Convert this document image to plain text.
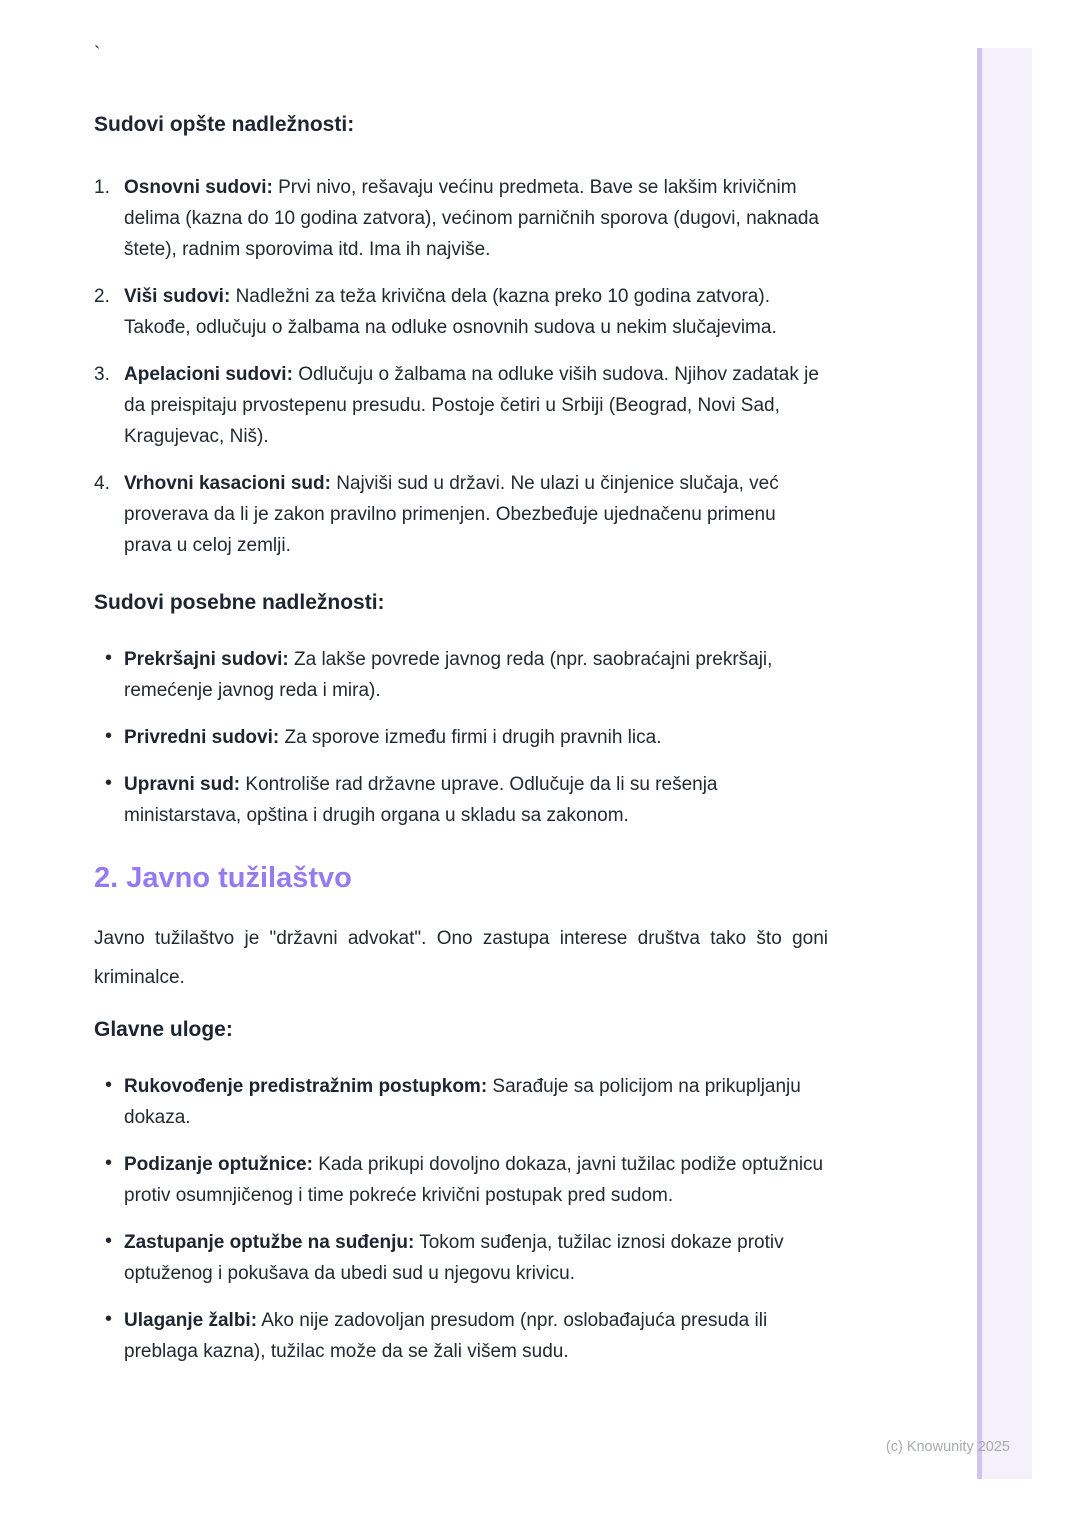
`
Sudovi opšte nadležnosti:
1. Osnovni sudovi: Prvi nivo, rešavaju većinu predmeta. Bave se lakšim krivičnim delima (kazna do 10 godina zatvora), većinom parničnih sporova (dugovi, naknada štete), radnim sporovima itd. Ima ih najviše.
2. Viši sudovi: Nadležni za teža krivična dela (kazna preko 10 godina zatvora). Takođe, odlučuju o žalbama na odluke osnovnih sudova u nekim slučajevima.
3. Apelacioni sudovi: Odlučuju o žalbama na odluke viših sudova. Njihov zadatak je da preispitaju prvostepenu presudu. Postoje četiri u Srbiji (Beograd, Novi Sad, Kragujevac, Niš).
4. Vrhovni kasacioni sud: Najviši sud u državi. Ne ulazi u činjenice slučaja, već proverava da li je zakon pravilno primenjen. Obezbeđuje ujednačenu primenu prava u celoj zemlji.
Sudovi posebne nadležnosti:
• Prekršajni sudovi: Za lakše povrede javnog reda (npr. saobraćajni prekršaji, remećenje javnog reda i mira).
• Privredni sudovi: Za sporove između firmi i drugih pravnih lica.
• Upravni sud: Kontroliše rad državne uprave. Odlučuje da li su rešenja ministarstava, opština i drugih organa u skladu sa zakonom.
2. Javno tužilaštvo

Javno tužilaštvo je "državni advokat". Ono zastupa interese društva tako što goni kriminalce.

Glavne uloge:
• Rukovođenje predistražnim postupkom: Sarađuje sa policijom na prikupljanju dokaza.
• Podizanje optužnice: Kada prikupi dovoljno dokaza, javni tužilac podiže optužnicu protiv osumnjičenog i time pokreće krivični postupak pred sudom.
• Zastupanje optužbe na suđenju: Tokom suđenja, tužilac iznosi dokaze protiv optuženog i pokušava da ubedi sud u njegovu krivicu.
• Ulaganje žalbi: Ako nije zadovoljan presudom (npr. oslobađajuća presuda ili preblaga kazna), tužilac može da se žali višem sudu.
(c) Knowunity 2025
